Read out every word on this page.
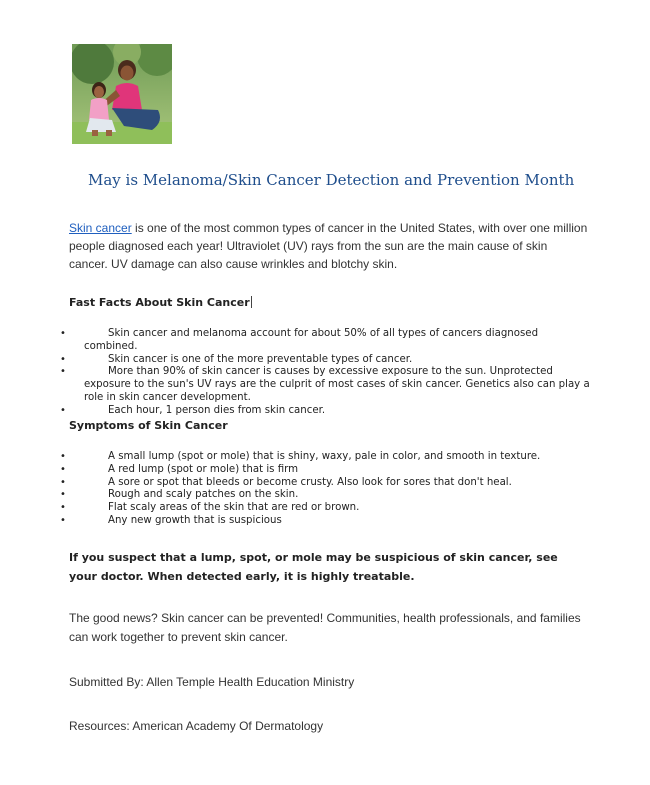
May is Melanoma/Skin Cancer Detection and Prevention Month

Skin cancer is one of the most common types of cancer in the United States, with over one million people diagnosed each year! Ultraviolet (UV) rays from the sun are the main cause of skin cancer. UV damage can also cause wrinkles and blotchy skin.

Fast Facts About Skin Cancer
•	Skin cancer and melanoma account for about 50% of all types of cancers diagnosed combined.
•	Skin cancer is one of the more preventable types of cancer.
•	More than 90% of skin cancer is causes by excessive exposure to the sun. Unprotected exposure to the sun's UV rays are the culprit of most cases of skin cancer. Genetics also can play a role in skin cancer development.
•	Each hour, 1 person dies from skin cancer.
Symptoms of Skin Cancer
•	A small lump (spot or mole) that is shiny, waxy, pale in color, and smooth in texture.
•	A red lump (spot or mole) that is firm
•	A sore or spot that bleeds or become crusty. Also look for sores that don't heal.
•	Rough and scaly patches on the skin.
•	Flat scaly areas of the skin that are red or brown.
•	Any new growth that is suspicious

If you suspect that a lump, spot, or mole may be suspicious of skin cancer, see your doctor. When detected early, it is highly treatable.

The good news? Skin cancer can be prevented! Communities, health professionals, and families can work together to prevent skin cancer.

Submitted By: Allen Temple Health Education Ministry

Resources: American Academy Of Dermatology
